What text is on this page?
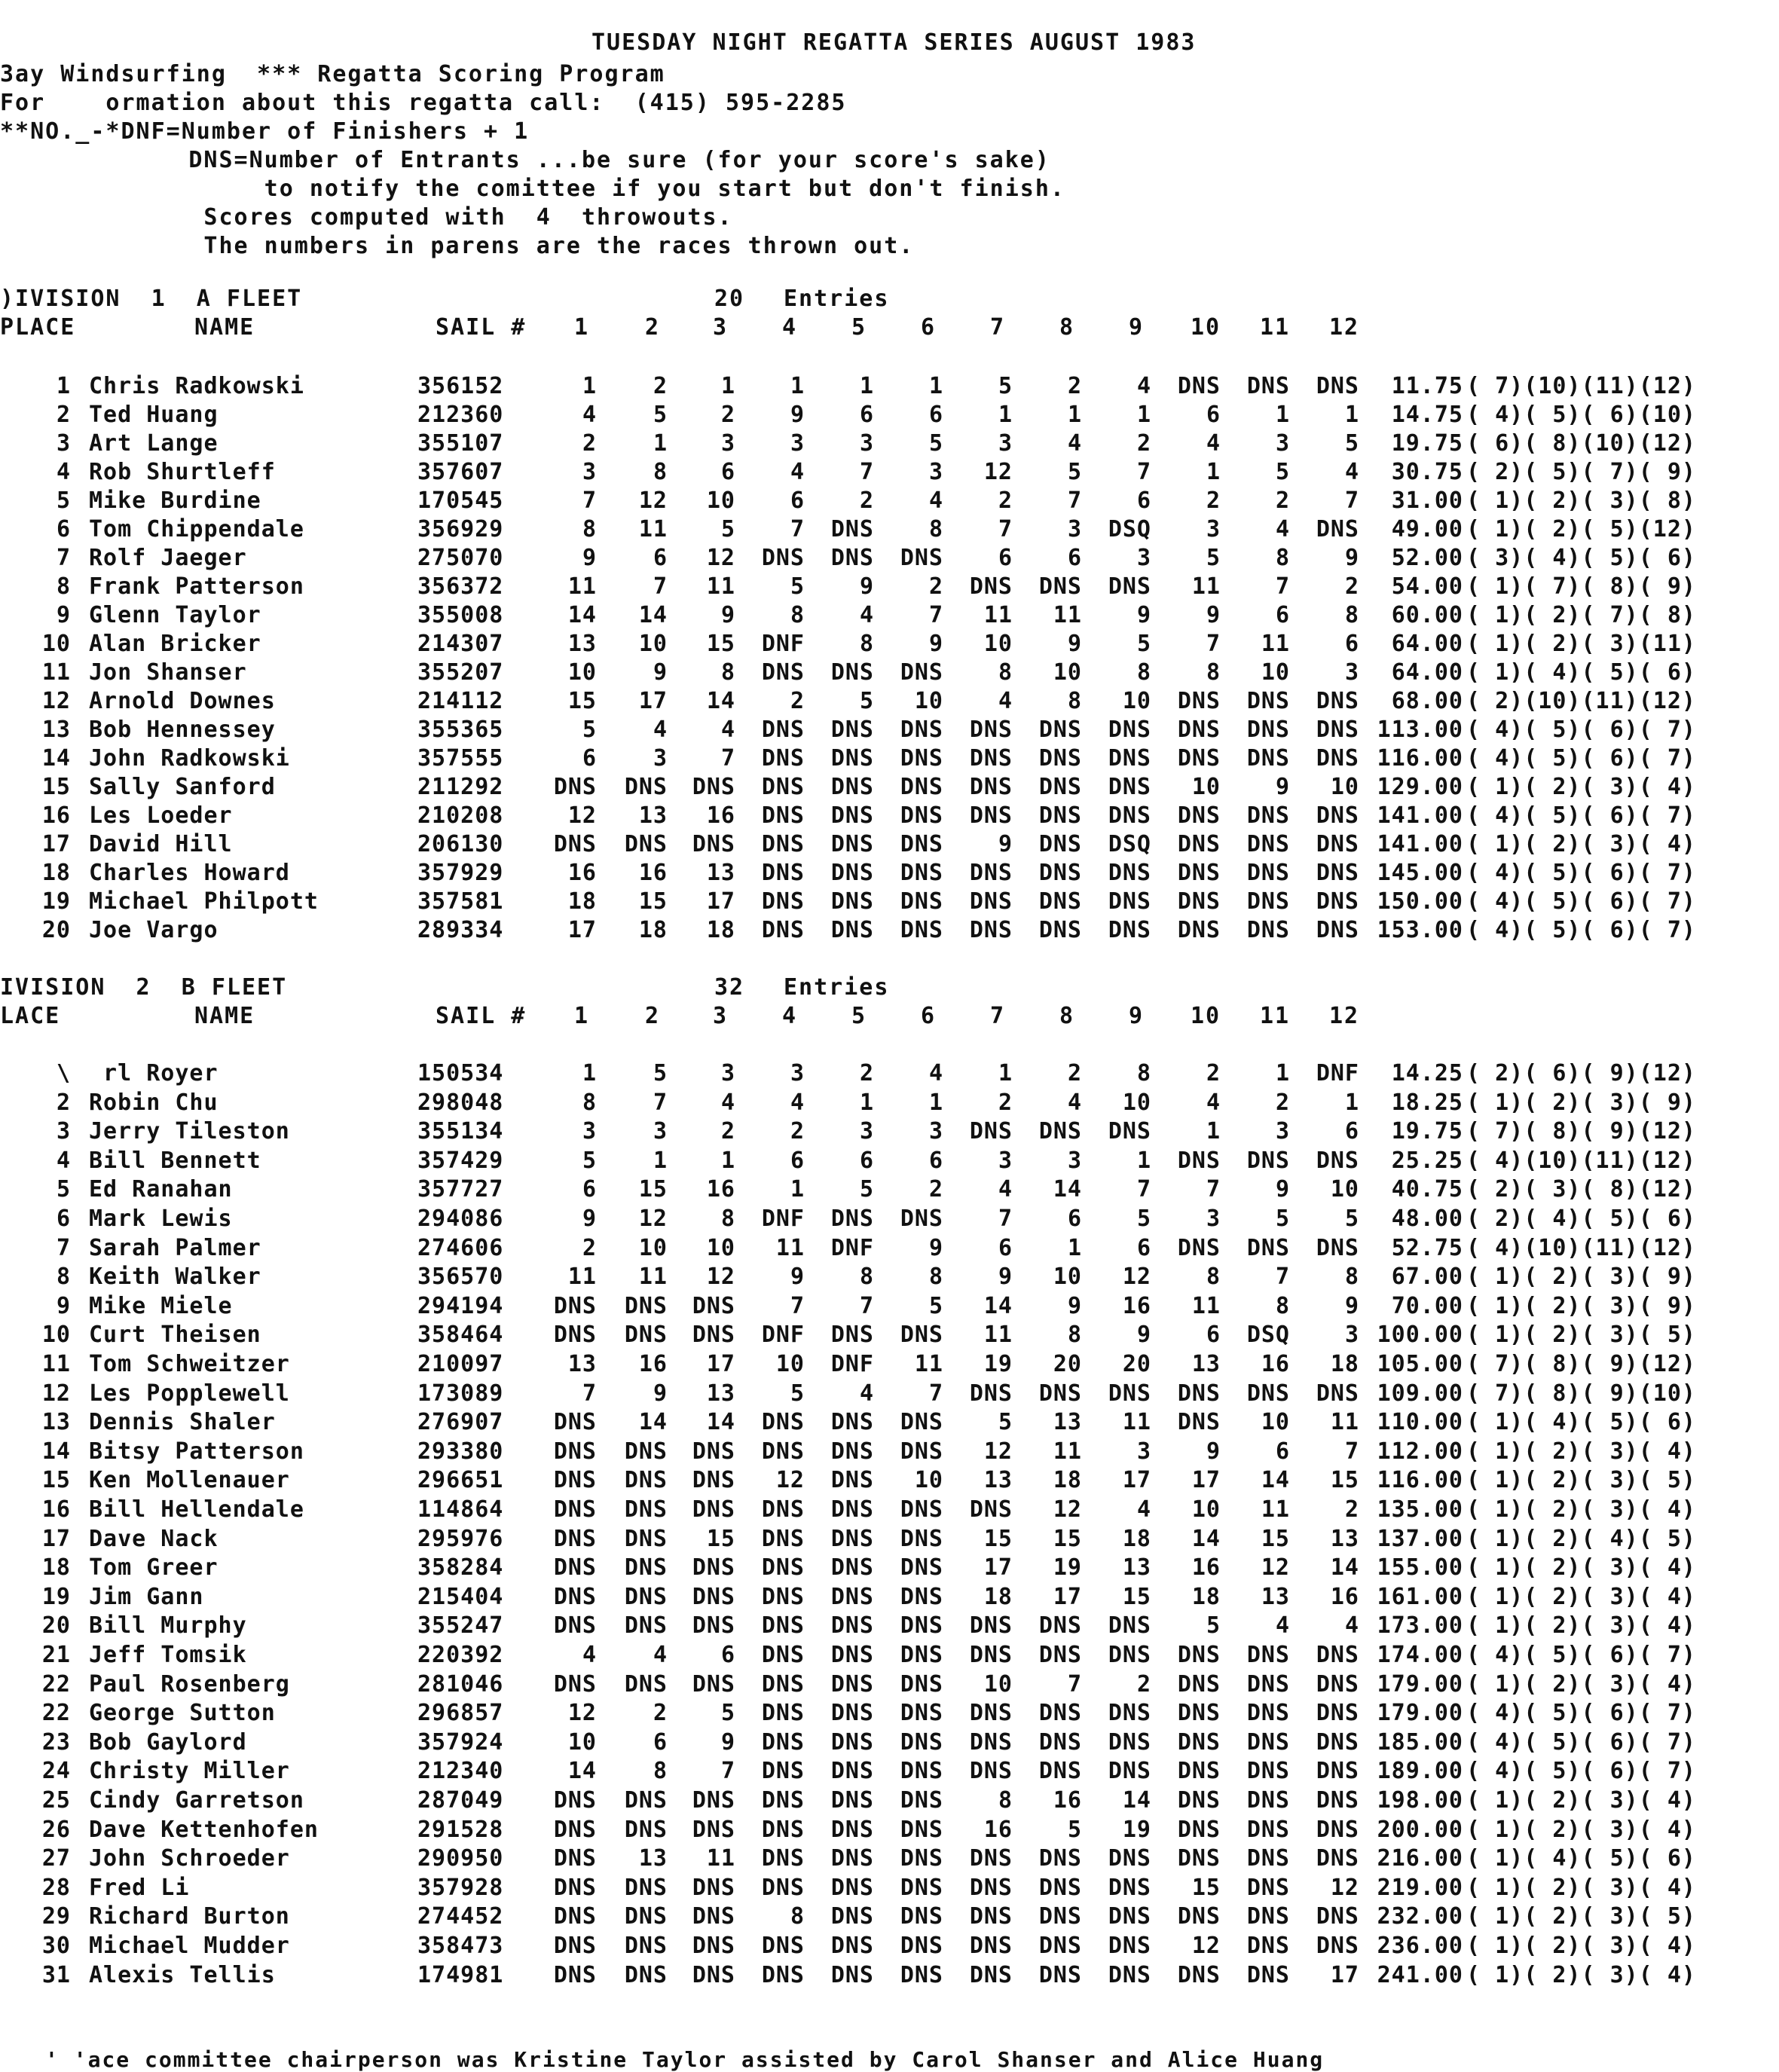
TUESDAY NIGHT REGATTA SERIES AUGUST 1983
3ay Windsurfing  *** Regatta Scoring Program
For    ormation about this regatta call:  (415) 595-2285
**NO._-*DNF=Number of Finishers + 1
DNS=Number of Entrants ...be sure (for your score's sake)
to notify the comittee if you start but don't finish.
Scores computed with  4  throwouts.
The numbers in parens are the races thrown out.
)IVISION  1  A FLEET	20 Entries
PLACE	NAME	SAIL #	1	2	3	4	5	6	7	8	9	10	11	12
1 Chris Radkowski	356152	1	2	1	1	1	1	5	2	4	DNS	DNS	DNS	11.75 ( 7)(10)(11)(12)
2 Ted Huang	212360	4	5	2	9	6	6	1	1	1	6	1	1	14.75 ( 4)( 5)( 6)(10)
3 Art Lange	355107	2	1	3	3	3	5	3	4	2	4	3	5	19.75 ( 6)( 8)(10)(12)
4 Rob Shurtleff	357607	3	8	6	4	7	3	12	5	7	1	5	4	30.75 ( 2)( 5)( 7)( 9)
5 Mike Burdine	170545	7	12	10	6	2	4	2	7	6	2	2	7	31.00 ( 1)( 2)( 3)( 8)
6 Tom Chippendale	356929	8	11	5	7	DNS	8	7	3	DSQ	3	4	DNS	49.00 ( 1)( 2)( 5)(12)
7 Rolf Jaeger	275070	9	6	12	DNS	DNS	DNS	6	6	3	5	8	9	52.00 ( 3)( 4)( 5)( 6)
8 Frank Patterson	356372	11	7	11	5	9	2	DNS	DNS	DNS	11	7	2	54.00 ( 1)( 7)( 8)( 9)
9 Glenn Taylor	355008	14	14	9	8	4	7	11	11	9	9	6	8	60.00 ( 1)( 2)( 7)( 8)
10 Alan Bricker	214307	13	10	15	DNF	8	9	10	9	5	7	11	6	64.00 ( 1)( 2)( 3)(11)
11 Jon Shanser	355207	10	9	8	DNS	DNS	DNS	8	10	8	8	10	3	64.00 ( 1)( 4)( 5)( 6)
12 Arnold Downes	214112	15	17	14	2	5	10	4	8	10	DNS	DNS	DNS	68.00 ( 2)(10)(11)(12)
13 Bob Hennessey	355365	5	4	4	DNS	DNS	DNS	DNS	DNS	DNS	DNS	DNS	DNS 113.00 ( 4)( 5)( 6)( 7)
14 John Radkowski	357555	6	3	7	DNS	DNS	DNS	DNS	DNS	DNS	DNS	DNS	DNS 116.00 ( 4)( 5)( 6)( 7)
15 Sally Sanford	211292	DNS	DNS	DNS	DNS	DNS	DNS	DNS	DNS	DNS	10	9	10 129.00 ( 1)( 2)( 3)( 4)
16 Les Loeder	210208	12	13	16	DNS	DNS	DNS	DNS	DNS	DNS	DNS	DNS	DNS 141.00 ( 4)( 5)( 6)( 7)
17 David Hill	206130	DNS	DNS	DNS	DNS	DNS	DNS	9	DNS	DSQ	DNS	DNS	DNS 141.00 ( 1)( 2)( 3)( 4)
18 Charles Howard	357929	16	16	13	DNS	DNS	DNS	DNS	DNS	DNS	DNS	DNS	DNS 145.00 ( 4)( 5)( 6)( 7)
19 Michael Philpott	357581	18	15	17	DNS	DNS	DNS	DNS	DNS	DNS	DNS	DNS	DNS 150.00 ( 4)( 5)( 6)( 7)
20 Joe Vargo	289334	17	18	18	DNS	DNS	DNS	DNS	DNS	DNS	DNS	DNS	DNS 153.00 ( 4)( 5)( 6)( 7)
IVISION  2  B FLEET	32 Entries
LACE	NAME	SAIL #	1	2	3	4	5	6	7	8	9	10	11	12
\ rl Royer	150534	1	5	3	3	2	4	1	2	8	2	1	DNF	14.25 ( 2)( 6)( 9)(12)
2 Robin Chu	298048	8	7	4	4	1	1	2	4	10	4	2	1	18.25 ( 1)( 2)( 3)( 9)
3 Jerry Tileston	355134	3	3	2	2	3	3	DNS	DNS	DNS	1	3	6	19.75 ( 7)( 8)( 9)(12)
4 Bill Bennett	357429	5	1	1	6	6	6	3	3	1	DNS	DNS	DNS	25.25 ( 4)(10)(11)(12)
5 Ed Ranahan	357727	6	15	16	1	5	2	4	14	7	7	9	10	40.75 ( 2)( 3)( 8)(12)
6 Mark Lewis	294086	9	12	8	DNF	DNS	DNS	7	6	5	3	5	5	48.00 ( 2)( 4)( 5)( 6)
7 Sarah Palmer	274606	2	10	10	11	DNF	9	6	1	6	DNS	DNS	DNS	52.75 ( 4)(10)(11)(12)
8 Keith Walker	356570	11	11	12	9	8	8	9	10	12	8	7	8	67.00 ( 1)( 2)( 3)( 9)
9 Mike Miele	294194	DNS	DNS	DNS	7	7	5	14	9	16	11	8	9	70.00 ( 1)( 2)( 3)( 9)
10 Curt Theisen	358464	DNS	DNS	DNS	DNF	DNS	DNS	11	8	9	6	DSQ	3 100.00 ( 1)( 2)( 3)( 5)
11 Tom Schweitzer	210097	13	16	17	10	DNF	11	19	20	20	13	16	18 105.00 ( 7)( 8)( 9)(12)
12 Les Popplewell	173089	7	9	13	5	4	7	DNS	DNS	DNS	DNS	DNS	DNS 109.00 ( 7)( 8)( 9)(10)
13 Dennis Shaler	276907	DNS	14	14	DNS	DNS	DNS	5	13	11	DNS	10	11 110.00 ( 1)( 4)( 5)( 6)
14 Bitsy Patterson	293380	DNS	DNS	DNS	DNS	DNS	DNS	12	11	3	9	6	7 112.00 ( 1)( 2)( 3)( 4)
15 Ken Mollenauer	296651	DNS	DNS	DNS	12	DNS	10	13	18	17	17	14	15 116.00 ( 1)( 2)( 3)( 5)
16 Bill Hellendale	114864	DNS	DNS	DNS	DNS	DNS	DNS	DNS	12	4	10	11	2 135.00 ( 1)( 2)( 3)( 4)
17 Dave Nack	295976	DNS	DNS	15	DNS	DNS	DNS	15	15	18	14	15	13 137.00 ( 1)( 2)( 4)( 5)
18 Tom Greer	358284	DNS	DNS	DNS	DNS	DNS	DNS	17	19	13	16	12	14 155.00 ( 1)( 2)( 3)( 4)
19 Jim Gann	215404	DNS	DNS	DNS	DNS	DNS	DNS	18	17	15	18	13	16 161.00 ( 1)( 2)( 3)( 4)
20 Bill Murphy	355247	DNS	DNS	DNS	DNS	DNS	DNS	DNS	DNS	DNS	5	4	4 173.00 ( 1)( 2)( 3)( 4)
21 Jeff Tomsik	220392	4	4	6	DNS	DNS	DNS	DNS	DNS	DNS	DNS	DNS	DNS 174.00 ( 4)( 5)( 6)( 7)
22 Paul Rosenberg	281046	DNS	DNS	DNS	DNS	DNS	DNS	10	7	2	DNS	DNS	DNS 179.00 ( 1)( 2)( 3)( 4)
22 George Sutton	296857	12	2	5	DNS	DNS	DNS	DNS	DNS	DNS	DNS	DNS	DNS 179.00 ( 4)( 5)( 6)( 7)
23 Bob Gaylord	357924	10	6	9	DNS	DNS	DNS	DNS	DNS	DNS	DNS	DNS	DNS 185.00 ( 4)( 5)( 6)( 7)
24 Christy Miller	212340	14	8	7	DNS	DNS	DNS	DNS	DNS	DNS	DNS	DNS	DNS 189.00 ( 4)( 5)( 6)( 7)
25 Cindy Garretson	287049	DNS	DNS	DNS	DNS	DNS	DNS	8	16	14	DNS	DNS	DNS 198.00 ( 1)( 2)( 3)( 4)
26 Dave Kettenhofen	291528	DNS	DNS	DNS	DNS	DNS	DNS	16	5	19	DNS	DNS	DNS 200.00 ( 1)( 2)( 3)( 4)
27 John Schroeder	290950	DNS	13	11	DNS	DNS	DNS	DNS	DNS	DNS	DNS	DNS	DNS 216.00 ( 1)( 4)( 5)( 6)
28 Fred Li	357928	DNS	DNS	DNS	DNS	DNS	DNS	DNS	DNS	DNS	15	DNS	12 219.00 ( 1)( 2)( 3)( 4)
29 Richard Burton	274452	DNS	DNS	DNS	8	DNS	DNS	DNS	DNS	DNS	DNS	DNS	DNS 232.00 ( 1)( 2)( 3)( 5)
30 Michael Mudder	358473	DNS	DNS	DNS	DNS	DNS	DNS	DNS	DNS	DNS	12	DNS	DNS 236.00 ( 1)( 2)( 3)( 4)
31 Alexis Tellis	174981	DNS	DNS	DNS	DNS	DNS	DNS	DNS	DNS	DNS	DNS	DNS	17 241.00 ( 1)( 2)( 3)( 4)
' 'ace committee chairperson was Kristine Taylor assisted by Carol Shanser and Alice Huang
